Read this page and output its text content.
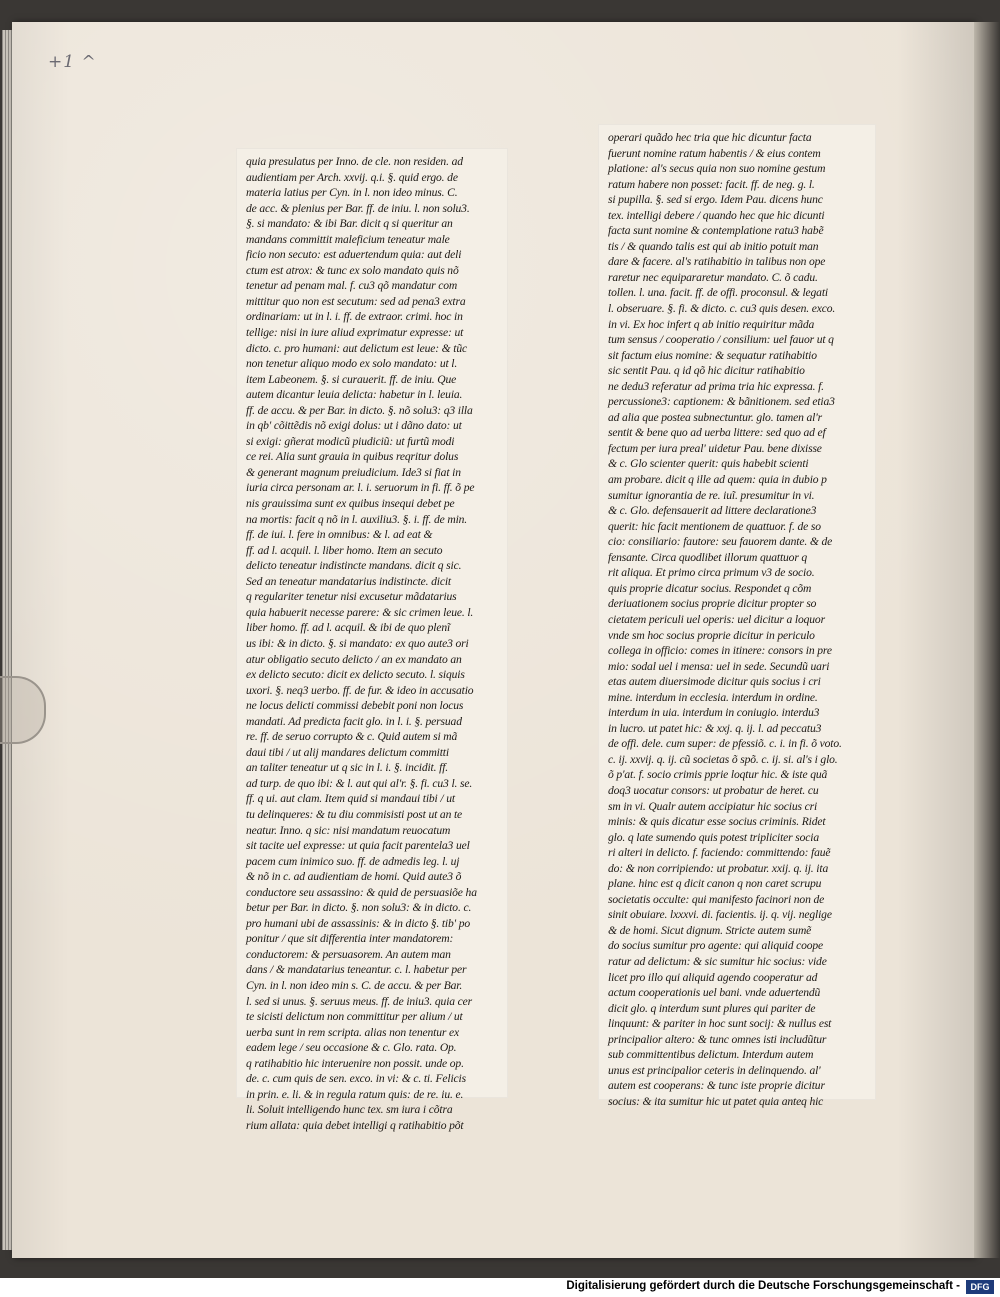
+1 ^
quia presulatus per Inno. de cle. non residen. ad
audientiam per Arch. xxvij. q.i. §. quid ergo. de
materia latius per Cyn. in l. non ideo minus. C.
de acc. & plenius per Bar. ff. de iniu. l. non solu3.
§. si mandato: & ibi Bar. dicit q si queritur an
mandans committit maleficium teneatur male
ficio non secuto: est aduertendum quia: aut deli
ctum est atrox: & tunc ex solo mandato quis nõ
tenetur ad penam mal. f. cu3 qõ mandatur com
mittitur quo non est secutum: sed ad pena3 extra
ordinariam: ut in l. i. ff. de extraor. crimi. hoc in
tellige: nisi in iure aliud exprimatur expresse: ut
dicto. c. pro humani: aut delictum est leue: & tũc
non tenetur aliquo modo ex solo mandato: ut l.
item Labeonem. §. si curauerit. ff. de iniu. Que
autem dicantur leuia delicta: habetur in l. leuia.
ff. de accu. & per Bar. in dicto. §. nõ solu3: q3 illa
in qb' cõittẽdis nõ exigi dolus: ut i dãno dato: ut
si exigi: gñerat modicũ piudiciũ: ut furtũ modi
ce rei. Alia sunt grauia in quibus reqritur dolus
& generant magnum preiudicium. Ide3 si fiat in
iuria circa personam ar. l. i. seruorum in fi. ff. õ pe
nis grauissima sunt ex quibus insequi debet pe
na mortis: facit q nõ in l. auxiliu3. §. i. ff. de min.
ff. de iui. l. fere in omnibus: & l. ad eat &
ff. ad l. acquil. l. liber homo. Item an secuto
delicto teneatur indistincte mandans. dicit q sic.
Sed an teneatur mandatarius indistincte. dicit
q regulariter tenetur nisi excusetur mãdatarius
quia habuerit necesse parere: & sic crimen leue. l.
liber homo. ff. ad l. acquil. & ibi de quo plenĩ
us ibi: & in dicto. §. si mandato: ex quo aute3 ori
atur obligatio secuto delicto / an ex mandato an
ex delicto secuto: dicit ex delicto secuto. l. siquis
uxori. §. neq3 uerbo. ff. de fur. & ideo in accusatio
ne locus delicti commissi debebit poni non locus
mandati. Ad predicta facit glo. in l. i. §. persuad
re. ff. de seruo corrupto & c. Quid autem si mã
daui tibi / ut alij mandares delictum committi
an taliter teneatur ut q sic in l. i. §. incidit. ff.
ad turp. de quo ibi: & l. aut qui al'r. §. fi. cu3 l. se.
ff. q ui. aut clam. Item quid si mandaui tibi / ut
tu delinqueres: & tu diu commisisti post ut an te
neatur. Inno. q sic: nisi mandatum reuocatum
sit tacite uel expresse: ut quia facit parentela3 uel
pacem cum inimico suo. ff. de admedis leg. l. uj
& nõ in c. ad audientiam de homi. Quid aute3 õ
conductore seu assassino: & quid de persuasiõe ha
betur per Bar. in dicto. §. non solu3: & in dicto. c.
pro humani ubi de assassinis: & in dicto §. tib' po
ponitur / que sit differentia inter mandatorem:
conductorem: & persuasorem. An autem man
dans / & mandatarius teneantur. c. l. habetur per
Cyn. in l. non ideo min s. C. de accu. & per Bar.
l. sed si unus. §. seruus meus. ff. de iniu3. quia cer
te sicisti delictum non committitur per alium / ut
uerba sunt in rem scripta. alias non tenentur ex
eadem lege / seu occasione & c. Glo. rata. Op.
q ratihabitio hic interuenire non possit. unde op.
de. c. cum quis de sen. exco. in vi: & c. ti. Felicis
in prin. e. li. & in regula ratum quis: de re. iu. e.
li. Soluit intelligendo hunc tex. sm iura i cõtra
rium allata: quia debet intelligi q ratihabitio põt
operari quãdo hec tria que hic dicuntur facta
fuerunt nomine ratum habentis / & eius contem
platione: al's secus quia non suo nomine gestum
ratum habere non posset: facit. ff. de neg. g. l.
si pupilla. §. sed si ergo. Idem Pau. dicens hunc
tex. intelligi debere / quando hec que hic dicunti
facta sunt nomine & contemplatione ratu3 habẽ
tis / & quando talis est qui ab initio potuit man
dare & facere. al's ratihabitio in talibus non ope
raretur nec equipararetur mandato. C. õ cadu.
tollen. l. una. facit. ff. de offi. proconsul. & legati
l. obseruare. §. fi. & dicto. c. cu3 quis desen. exco.
in vi. Ex hoc infert q ab initio requiritur mãda
tum sensus / cooperatio / consilium: uel fauor ut q
sit factum eius nomine: & sequatur ratihabitio
sic sentit Pau. q id qõ hic dicitur ratihabitio
ne dedu3 referatur ad prima tria hic expressa. f.
percussione3: captionem: & bãnitionem. sed etia3
ad alia que postea subnectuntur. glo. tamen al'r
sentit & bene quo ad uerba littere: sed quo ad ef
fectum per iura preal' uidetur Pau. bene dixisse
& c. Glo scienter querit: quis habebit scienti
am probare. dicit q ille ad quem: quia in dubio p
sumitur ignorantia de re. iuĩ. presumitur in vi.
& c. Glo. defensauerit ad littere declaratione3
querit: hic facit mentionem de quattuor. f. de so
cio: consiliario: fautore: seu fauorem dante. & de
fensante. Circa quodlibet illorum quattuor q
rit aliqua. Et primo circa primum v3 de socio.
quis proprie dicatur socius. Respondet q cõm
deriuationem socius proprie dicitur propter so
cietatem periculi uel operis: uel dicitur a loquor
vnde sm hoc socius proprie dicitur in periculo
collega in officio: comes in itinere: consors in pre
mio: sodal uel i mensa: uel in sede. Secundũ uari
etas autem diuersimode dicitur quis socius i cri
mine. interdum in ecclesia. interdum in ordine.
interdum in uia. interdum in coniugio. interdu3
in lucro. ut patet hic: & xxj. q. ij. l. ad peccatu3
de offi. dele. cum super: de pfessiõ. c. i. in fi. õ voto.
c. ij. xxvij. q. ij. cũ societas õ spõ. c. ij. si. al's i glo.
õ p'at. f. socio crimis pprie loqtur hic. & iste quã
doq3 uocatur consors: ut probatur de heret. cu
sm in vi. Qualr autem accipiatur hic socius cri
minis: & quis dicatur esse socius criminis. Ridet
glo. q late sumendo quis potest tripliciter socia
ri alteri in delicto. f. faciendo: committendo: fauẽ
do: & non corripiendo: ut probatur. xxij. q. ij. ita
plane. hinc est q dicit canon q non caret scrupu
societatis occulte: qui manifesto facinori non de
sinit obuiare. lxxxvi. di. facientis. ij. q. vij. neglige
& de homi. Sicut dignum. Stricte autem sumẽ
do socius sumitur pro agente: qui aliquid coope
ratur ad delictum: & sic sumitur hic socius: vide
licet pro illo qui aliquid agendo cooperatur ad
actum cooperationis uel bani. vnde aduertendũ
dicit glo. q interdum sunt plures qui pariter de
linquunt: & pariter in hoc sunt socij: & nullus est
principalior altero: & tunc omnes isti includũtur
sub committentibus delictum. Interdum autem
unus est principalior ceteris in delinquendo. al'
autem est cooperans: & tunc iste proprie dicitur
socius: & ita sumitur hic ut patet quia anteq hic
Digitalisierung gefördert durch die Deutsche Forschungsgemeinschaft -	DFG
